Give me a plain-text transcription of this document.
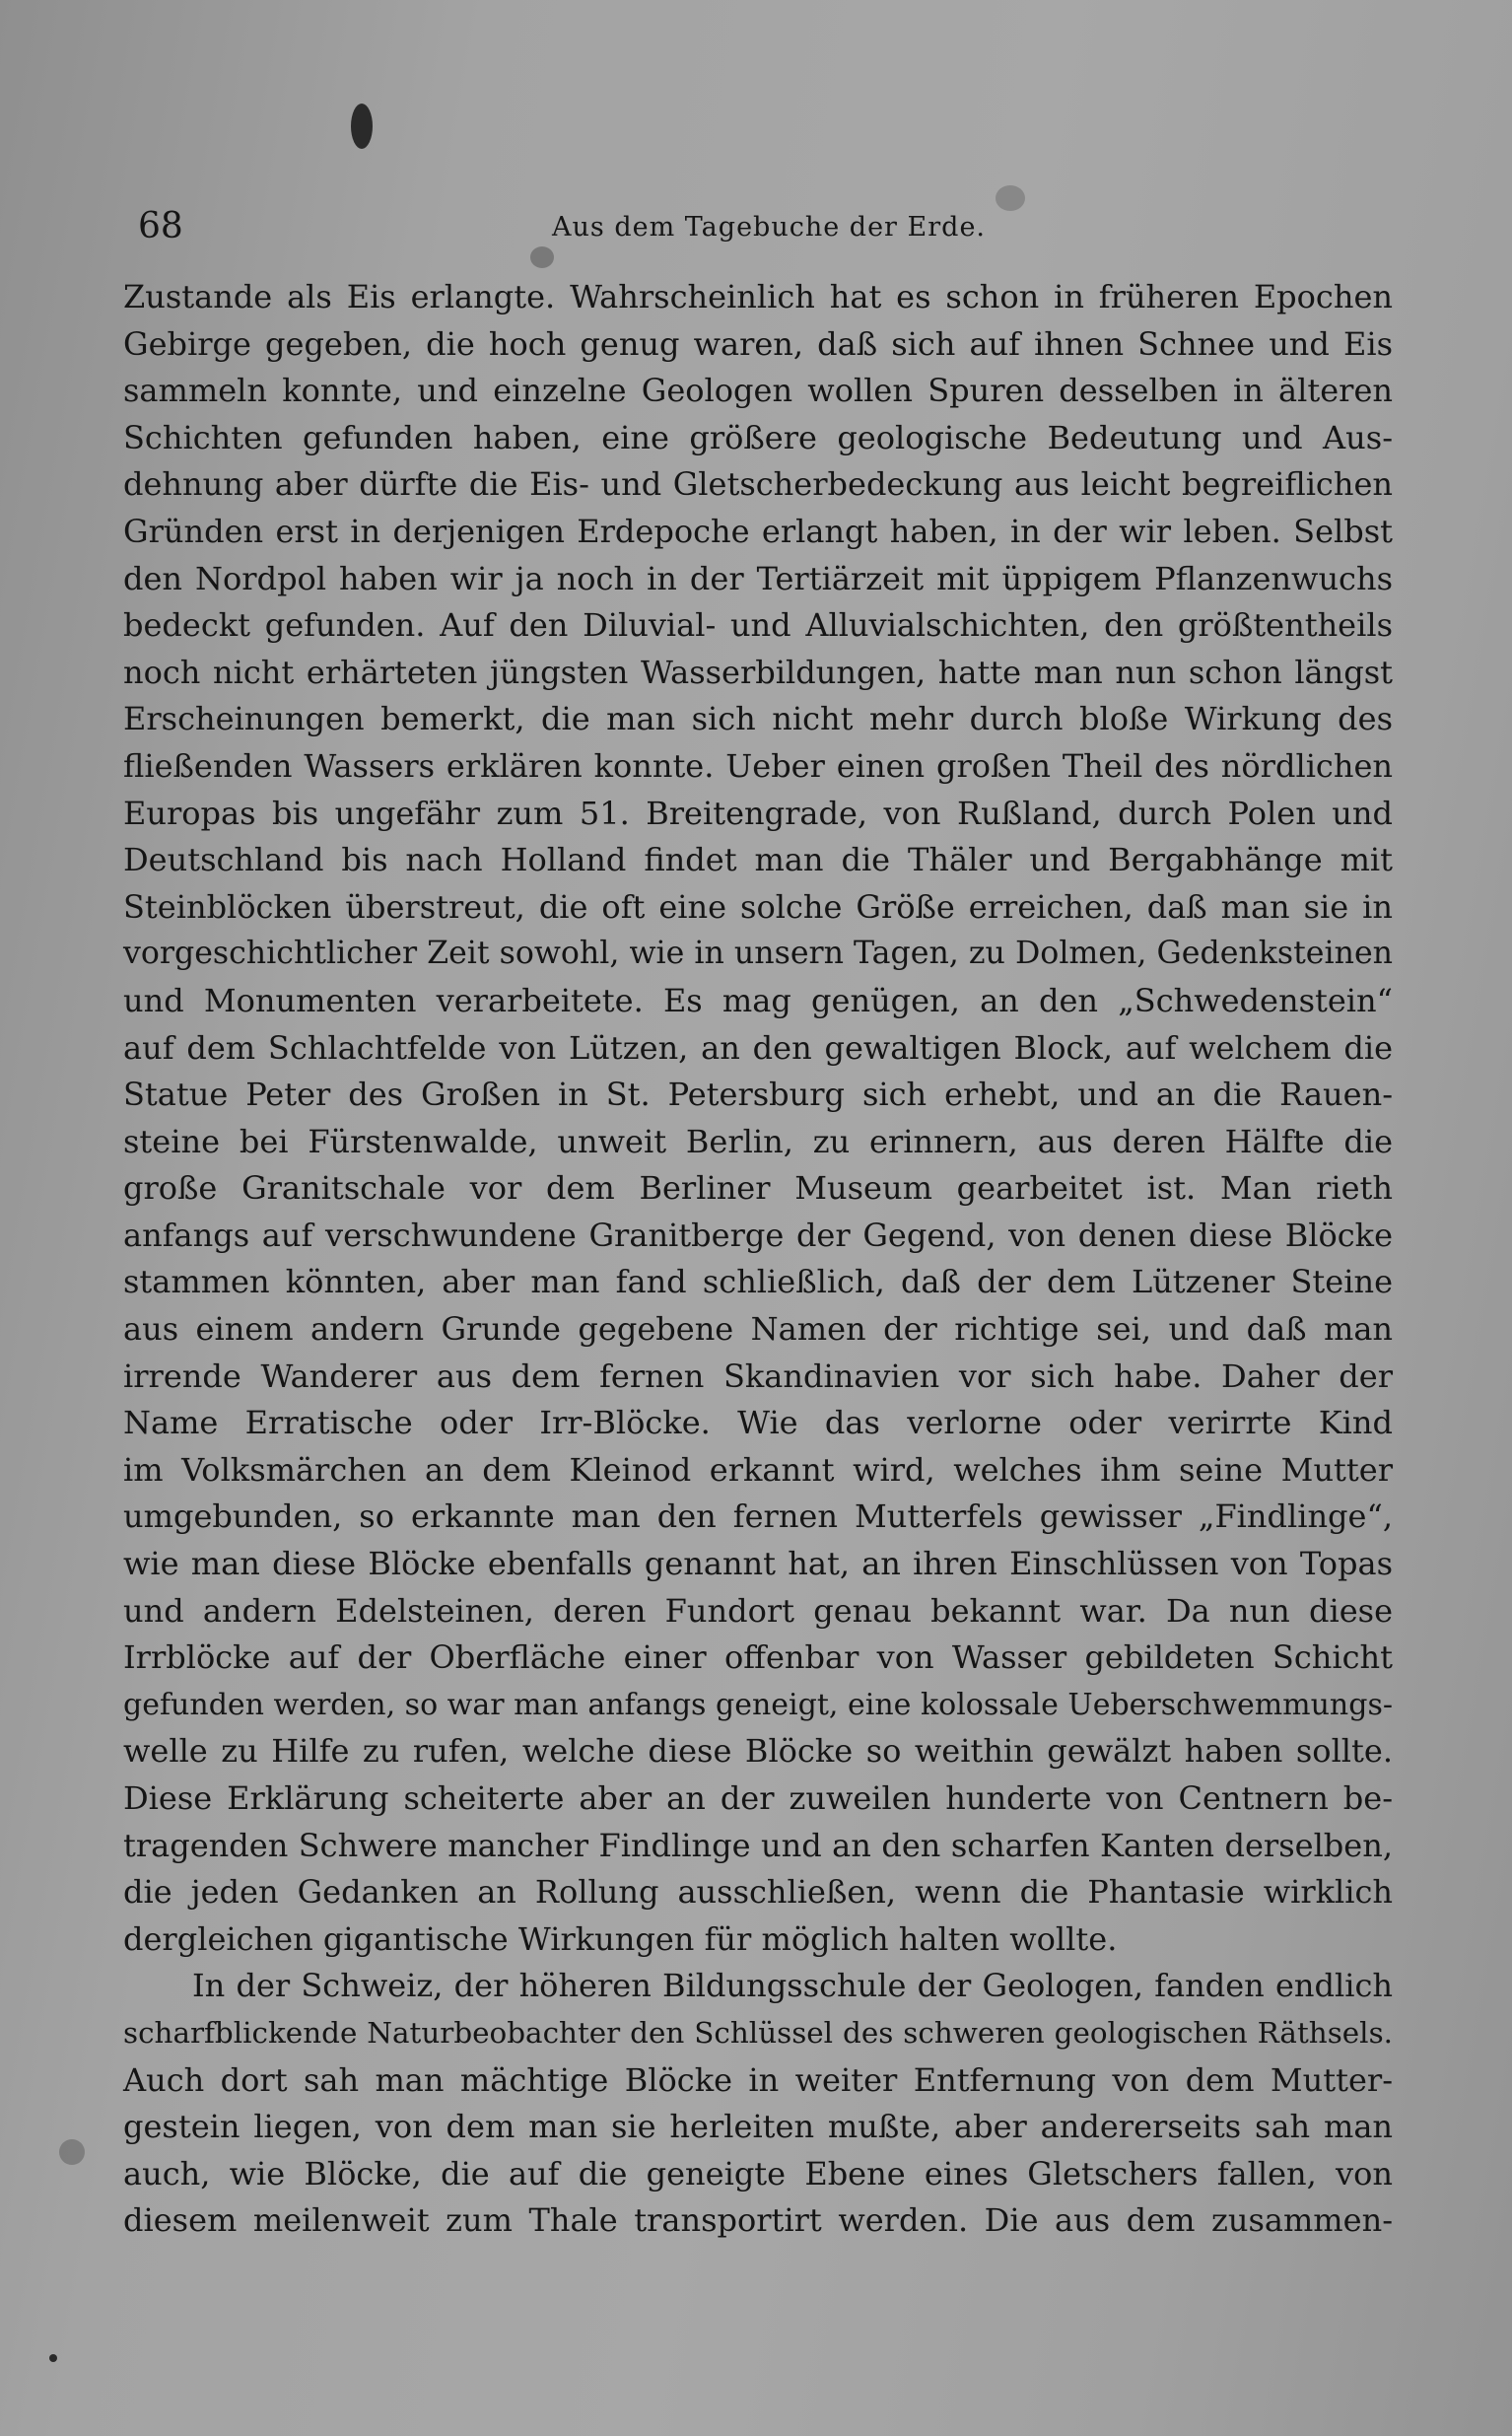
68	Aus dem Tagebuche der Erde.
Zustande als Eis erlangte. Wahrscheinlich hat es schon in früheren Epochen
Gebirge gegeben, die hoch genug waren, daß sich auf ihnen Schnee und Eis
sammeln konnte, und einzelne Geologen wollen Spuren desselben in älteren
Schichten gefunden haben, eine größere geologische Bedeutung und Aus-
dehnung aber dürfte die Eis- und Gletscherbedeckung aus leicht begreiflichen
Gründen erst in derjenigen Erdepoche erlangt haben, in der wir leben. Selbst
den Nordpol haben wir ja noch in der Tertiärzeit mit üppigem Pflanzenwuchs
bedeckt gefunden. Auf den Diluvial- und Alluvialschichten, den größtentheils
noch nicht erhärteten jüngsten Wasserbildungen, hatte man nun schon längst
Erscheinungen bemerkt, die man sich nicht mehr durch bloße Wirkung des
fließenden Wassers erklären konnte. Ueber einen großen Theil des nördlichen
Europas bis ungefähr zum 51. Breitengrade, von Rußland, durch Polen und
Deutschland bis nach Holland findet man die Thäler und Bergabhänge mit
Steinblöcken überstreut, die oft eine solche Größe erreichen, daß man sie in
vorgeschichtlicher Zeit sowohl, wie in unsern Tagen, zu Dolmen, Gedenksteinen
und Monumenten verarbeitete. Es mag genügen, an den „Schwedenstein“
auf dem Schlachtfelde von Lützen, an den gewaltigen Block, auf welchem die
Statue Peter des Großen in St. Petersburg sich erhebt, und an die Rauen-
steine bei Fürstenwalde, unweit Berlin, zu erinnern, aus deren Hälfte die
große Granitschale vor dem Berliner Museum gearbeitet ist. Man rieth
anfangs auf verschwundene Granitberge der Gegend, von denen diese Blöcke
stammen könnten, aber man fand schließlich, daß der dem Lützener Steine
aus einem andern Grunde gegebene Namen der richtige sei, und daß man
irrende Wanderer aus dem fernen Skandinavien vor sich habe. Daher der
Name Erratische oder Irr-Blöcke. Wie das verlorne oder verirrte Kind
im Volksmärchen an dem Kleinod erkannt wird, welches ihm seine Mutter
umgebunden, so erkannte man den fernen Mutterfels gewisser „Findlinge“,
wie man diese Blöcke ebenfalls genannt hat, an ihren Einschlüssen von Topas
und andern Edelsteinen, deren Fundort genau bekannt war. Da nun diese
Irrblöcke auf der Oberfläche einer offenbar von Wasser gebildeten Schicht
gefunden werden, so war man anfangs geneigt, eine kolossale Ueberschwemmungs-
welle zu Hilfe zu rufen, welche diese Blöcke so weithin gewälzt haben sollte.
Diese Erklärung scheiterte aber an der zuweilen hunderte von Centnern be-
tragenden Schwere mancher Findlinge und an den scharfen Kanten derselben,
die jeden Gedanken an Rollung ausschließen, wenn die Phantasie wirklich
dergleichen gigantische Wirkungen für möglich halten wollte.
In der Schweiz, der höheren Bildungsschule der Geologen, fanden endlich
scharfblickende Naturbeobachter den Schlüssel des schweren geologischen Räthsels.
Auch dort sah man mächtige Blöcke in weiter Entfernung von dem Mutter-
gestein liegen, von dem man sie herleiten mußte, aber andererseits sah man
auch, wie Blöcke, die auf die geneigte Ebene eines Gletschers fallen, von
diesem meilenweit zum Thale transportirt werden. Die aus dem zusammen-
